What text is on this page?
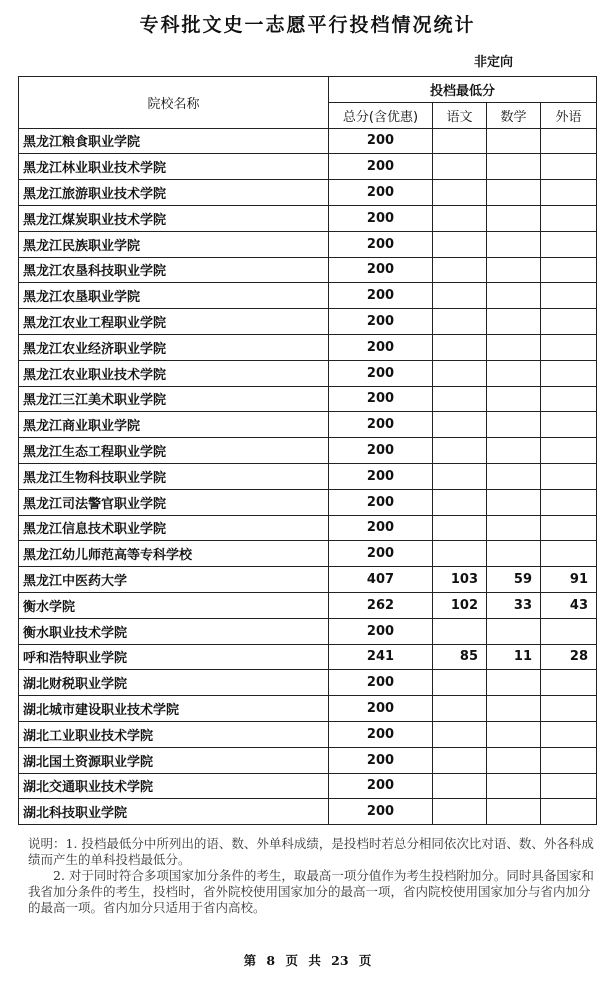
专科批文史一志愿平行投档情况统计
非定向
院校名称	投档最低分			
	总分(含优惠)	语文	数学	外语
黑龙江粮食职业学院	200			
黑龙江林业职业技术学院	200			
黑龙江旅游职业技术学院	200			
黑龙江煤炭职业技术学院	200			
黑龙江民族职业学院	200			
黑龙江农垦科技职业学院	200			
黑龙江农垦职业学院	200			
黑龙江农业工程职业学院	200			
黑龙江农业经济职业学院	200			
黑龙江农业职业技术学院	200			
黑龙江三江美术职业学院	200			
黑龙江商业职业学院	200			
黑龙江生态工程职业学院	200			
黑龙江生物科技职业学院	200			
黑龙江司法警官职业学院	200			
黑龙江信息技术职业学院	200			
黑龙江幼儿师范高等专科学校	200			
黑龙江中医药大学	407	103	59	91
衡水学院	262	102	33	43
衡水职业技术学院	200			
呼和浩特职业学院	241	85	11	28
湖北财税职业学院	200			
湖北城市建设职业技术学院	200			
湖北工业职业技术学院	200			
湖北国土资源职业学院	200			
湖北交通职业技术学院	200			
湖北科技职业学院	200			

说明：1. 投档最低分中所列出的语、数、外单科成绩，是投档时若总分相同依次比对语、数、外各科成绩而产生的单科投档最低分。

2. 对于同时符合多项国家加分条件的考生，取最高一项分值作为考生投档附加分。同时具备国家和我省加分条件的考生，投档时，省外院校使用国家加分的最高一项，省内院校使用国家加分与省内加分的最高一项。省内加分只适用于省内高校。

第 8 页 共 23 页
